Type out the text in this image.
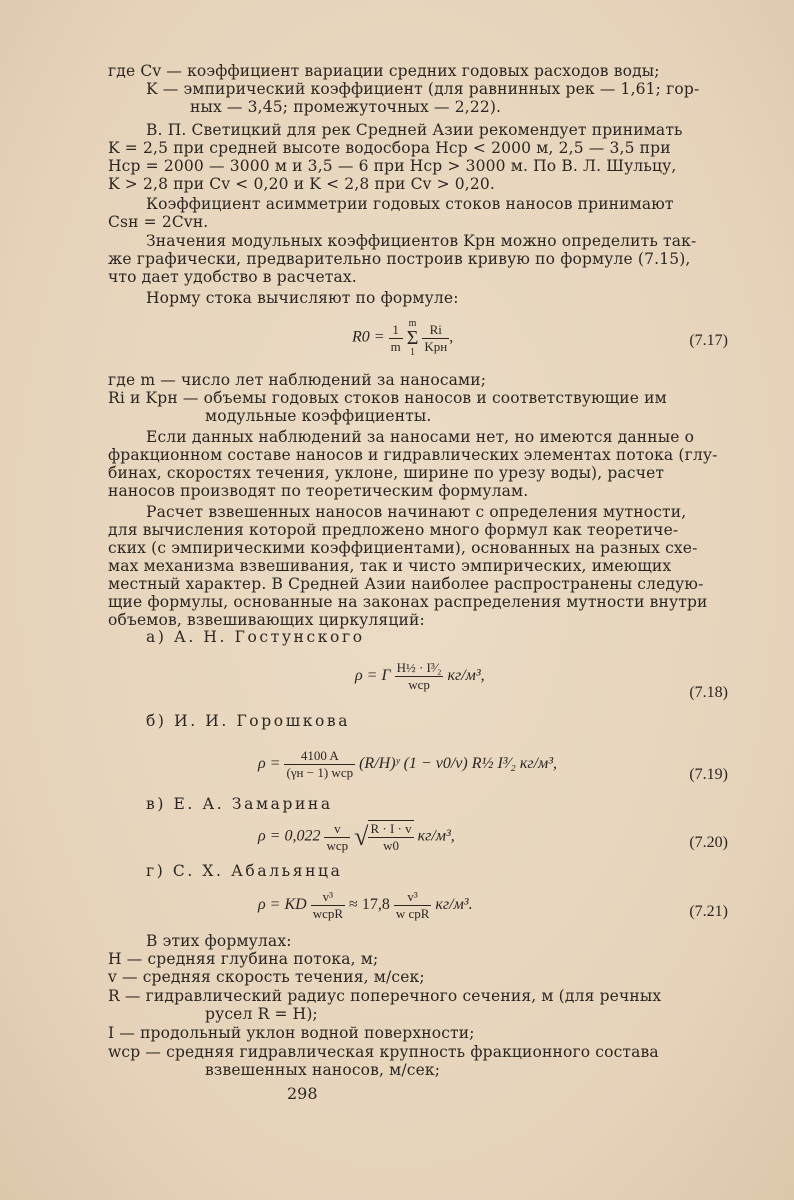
где Cv — коэффициент вариации средних годовых расходов воды;
K — эмпирический коэффициент (для равнинных рек — 1,61; гор-
ных — 3,45; промежуточных — 2,22).
В. П. Светицкий для рек Средней Азии рекомендует принимать
K = 2,5 при средней высоте водосбора Hср < 2000 м, 2,5 — 3,5 при
Hср = 2000 — 3000 м и 3,5 — 6 при Hср > 3000 м. По В. Л. Шульцу,
K > 2,8 при Cv < 0,20 и K < 2,8 при Cv > 0,20.
Коэффициент асимметрии годовых стоков наносов принимают
Csн = 2Cvн.
Значения модульных коэффициентов Kрн можно определить так-
же графически, предварительно построив кривую по формуле (7.15),
что дает удобство в расчетах.
Норму стока вычисляют по формуле:
$R0 = \frac{1}{m}$
m
Σ
1
$\frac{Ri}{\text{Kрн}}$ ,	(7.17)
где m — число лет наблюдений за наносами;
Ri и Kрн — объемы годовых стоков наносов и соответствующие им
модульные коэффициенты.
Если данных наблюдений за наносами нет, но имеются данные о
фракционном составе наносов и гидравлических элементах потока (глу-
бинах, скоростях течения, уклоне, ширине по урезу воды), расчет
наносов производят по теоретическим формулам.
Расчет взвешенных наносов начинают с определения мутности,
для вычисления которой предложено много формул как теоретиче-
ских (с эмпирическими коэффициентами), основанных на разных схе-
мах механизма взвешивания, так и чисто эмпирических, имеющих
местный характер. В Средней Азии наиболее распространены следую-
щие формулы, основанные на законах распределения мутности внутри
объемов, взвешивающих циркуляций:
а) А. Н. Гостунского
ρ = Г $\frac{\text{H½ · I³⁄₂}}{\text{wср}} кг/м^3$,
(7.18)
б) И. И. Горошкова
$\rho = \frac{4100 A}{\text{(γн − 1) wср}}$ (R/H)ʸ (1 − v0/v) R½ I³⁄₂ кг/м³,
(7.19)
в) Е. А. Замарина
$\rho = 0,022 \frac{v}{\text{wср}}$ √ $\frac{R \cdot I \cdot v}{w0} кг/м^3$,	(7.20)
г) С. Х. Абальянца
ρ = KD $\frac{\text{v³}}{\text{wсрR}} \approx 17,8 \frac{\text{v³}}{\text{w срR}} кг/м^3$.	(7.21)
В этих формулах:
H — средняя глубина потока, м;
v — средняя скорость течения, м/сек;
R — гидравлический радиус поперечного сечения, м (для речных
русел R = H);
I — продольный уклон водной поверхности;
wср — средняя гидравлическая крупность фракционного состава
взвешенных наносов, м/сек;
298
